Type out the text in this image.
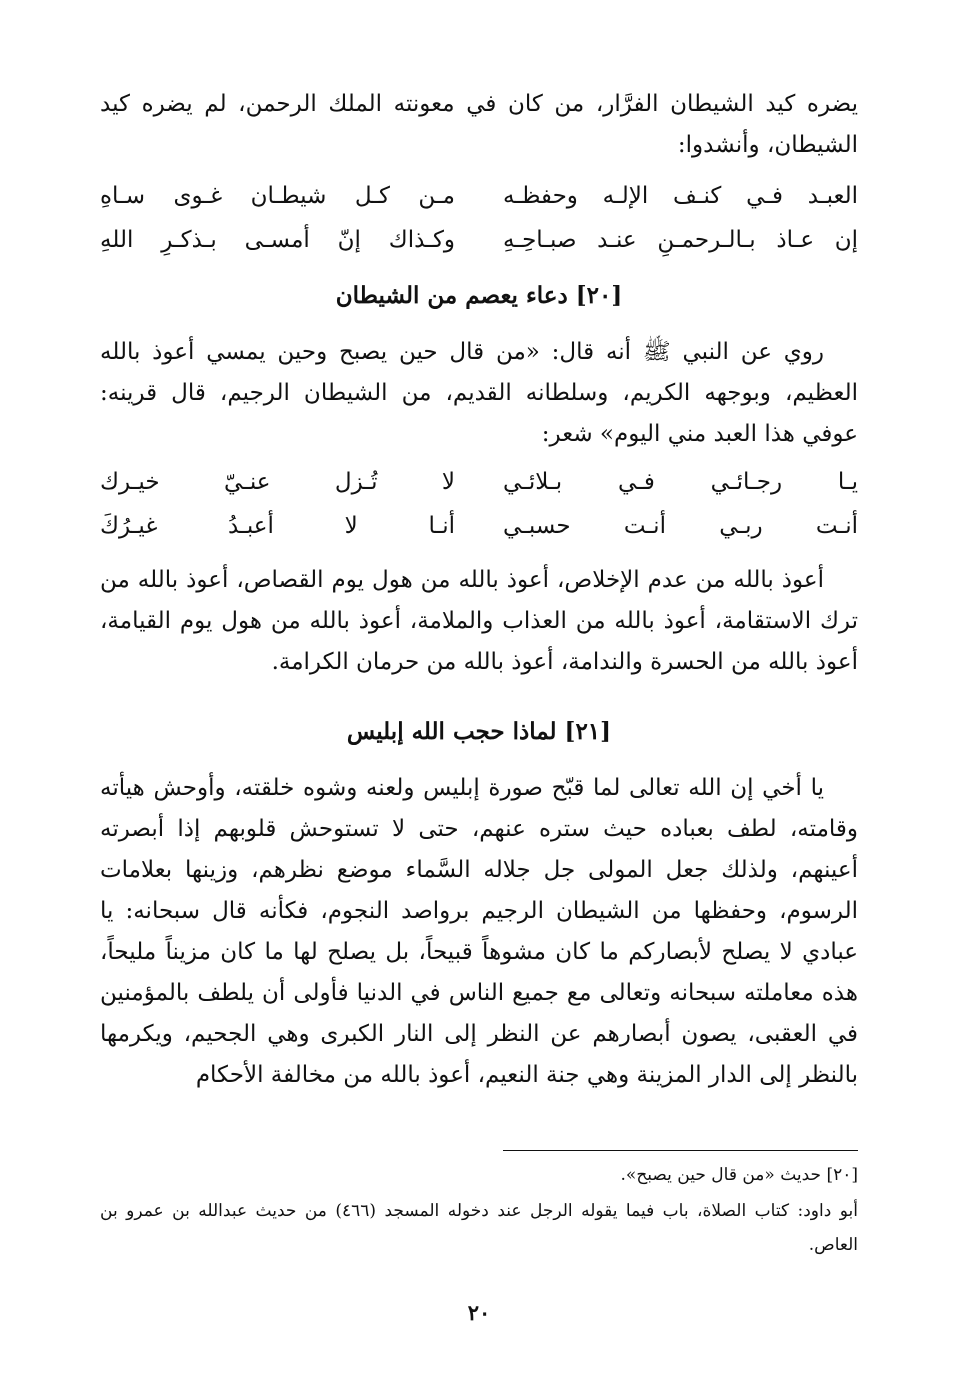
يضره كيد الشيطان الفرَّار، من كان في معونته الملك الرحمن، لم يضره كيد الشيطان، وأنشدوا:

العبـد فـي كنـف الإلـه وحفظـه
مـن كـل شيطـان غـوى سـاهِ
إن عـاذ بـالـرحمـنِ عنـد صبـاحِـهِ
وكـذاك إنّ أمسـى بـذكـرِ اللهِ
[٢٠] دعاء يعصم من الشيطان

روي عن النبي ﷺ أنه قال: «من قال حين يصبح وحين يمسي أعوذ بالله العظيم، وبوجهه الكريم، وسلطانه القديم، من الشيطان الرجيم، قال قرينه: عوفي هذا العبد مني اليوم» شعر:

يـا رجـائـي فـي بـلائـي
لا تُـزل عنـيّ خيـرك
أنـت ربـي أنـت حسبـي
أنـا لا أعبـدُ غيـرُكَ

أعوذ بالله من عدم الإخلاص، أعوذ بالله من هول يوم القصاص، أعوذ بالله من ترك الاستقامة، أعوذ بالله من العذاب والملامة، أعوذ بالله من هول يوم القيامة، أعوذ بالله من الحسرة والندامة، أعوذ بالله من حرمان الكرامة.

[٢١] لماذا حجب الله إبليس

يا أخي إن الله تعالى لما قبّح صورة إبليس ولعنه وشوه خلقته، وأوحش هيأته وقامته، لطف بعباده حيث ستره عنهم، حتى لا تستوحش قلوبهم إذا أبصرته أعينهم، ولذلك جعل المولى جل جلاله السَّماء موضع نظرهم، وزينها بعلامات الرسوم، وحفظها من الشيطان الرجيم برواصد النجوم، فكأنه قال سبحانه: يا عبادي لا يصلح لأبصاركم ما كان مشوهاً قبيحاً، بل يصلح لها ما كان مزيناً مليحاً، هذه معاملته سبحانه وتعالى مع جميع الناس في الدنيا فأولى أن يلطف بالمؤمنين في العقبى، يصون أبصارهم عن النظر إلى النار الكبرى وهي الجحيم، ويكرمها بالنظر إلى الدار المزينة وهي جنة النعيم، أعوذ بالله من مخالفة الأحكام

[٢٠] حديث «من قال حين يصبح».

أبو داود: كتاب الصلاة، باب فيما يقوله الرجل عند دخوله المسجد (٤٦٦) من حديث عبدالله بن عمرو بن العاص.

٢٠
